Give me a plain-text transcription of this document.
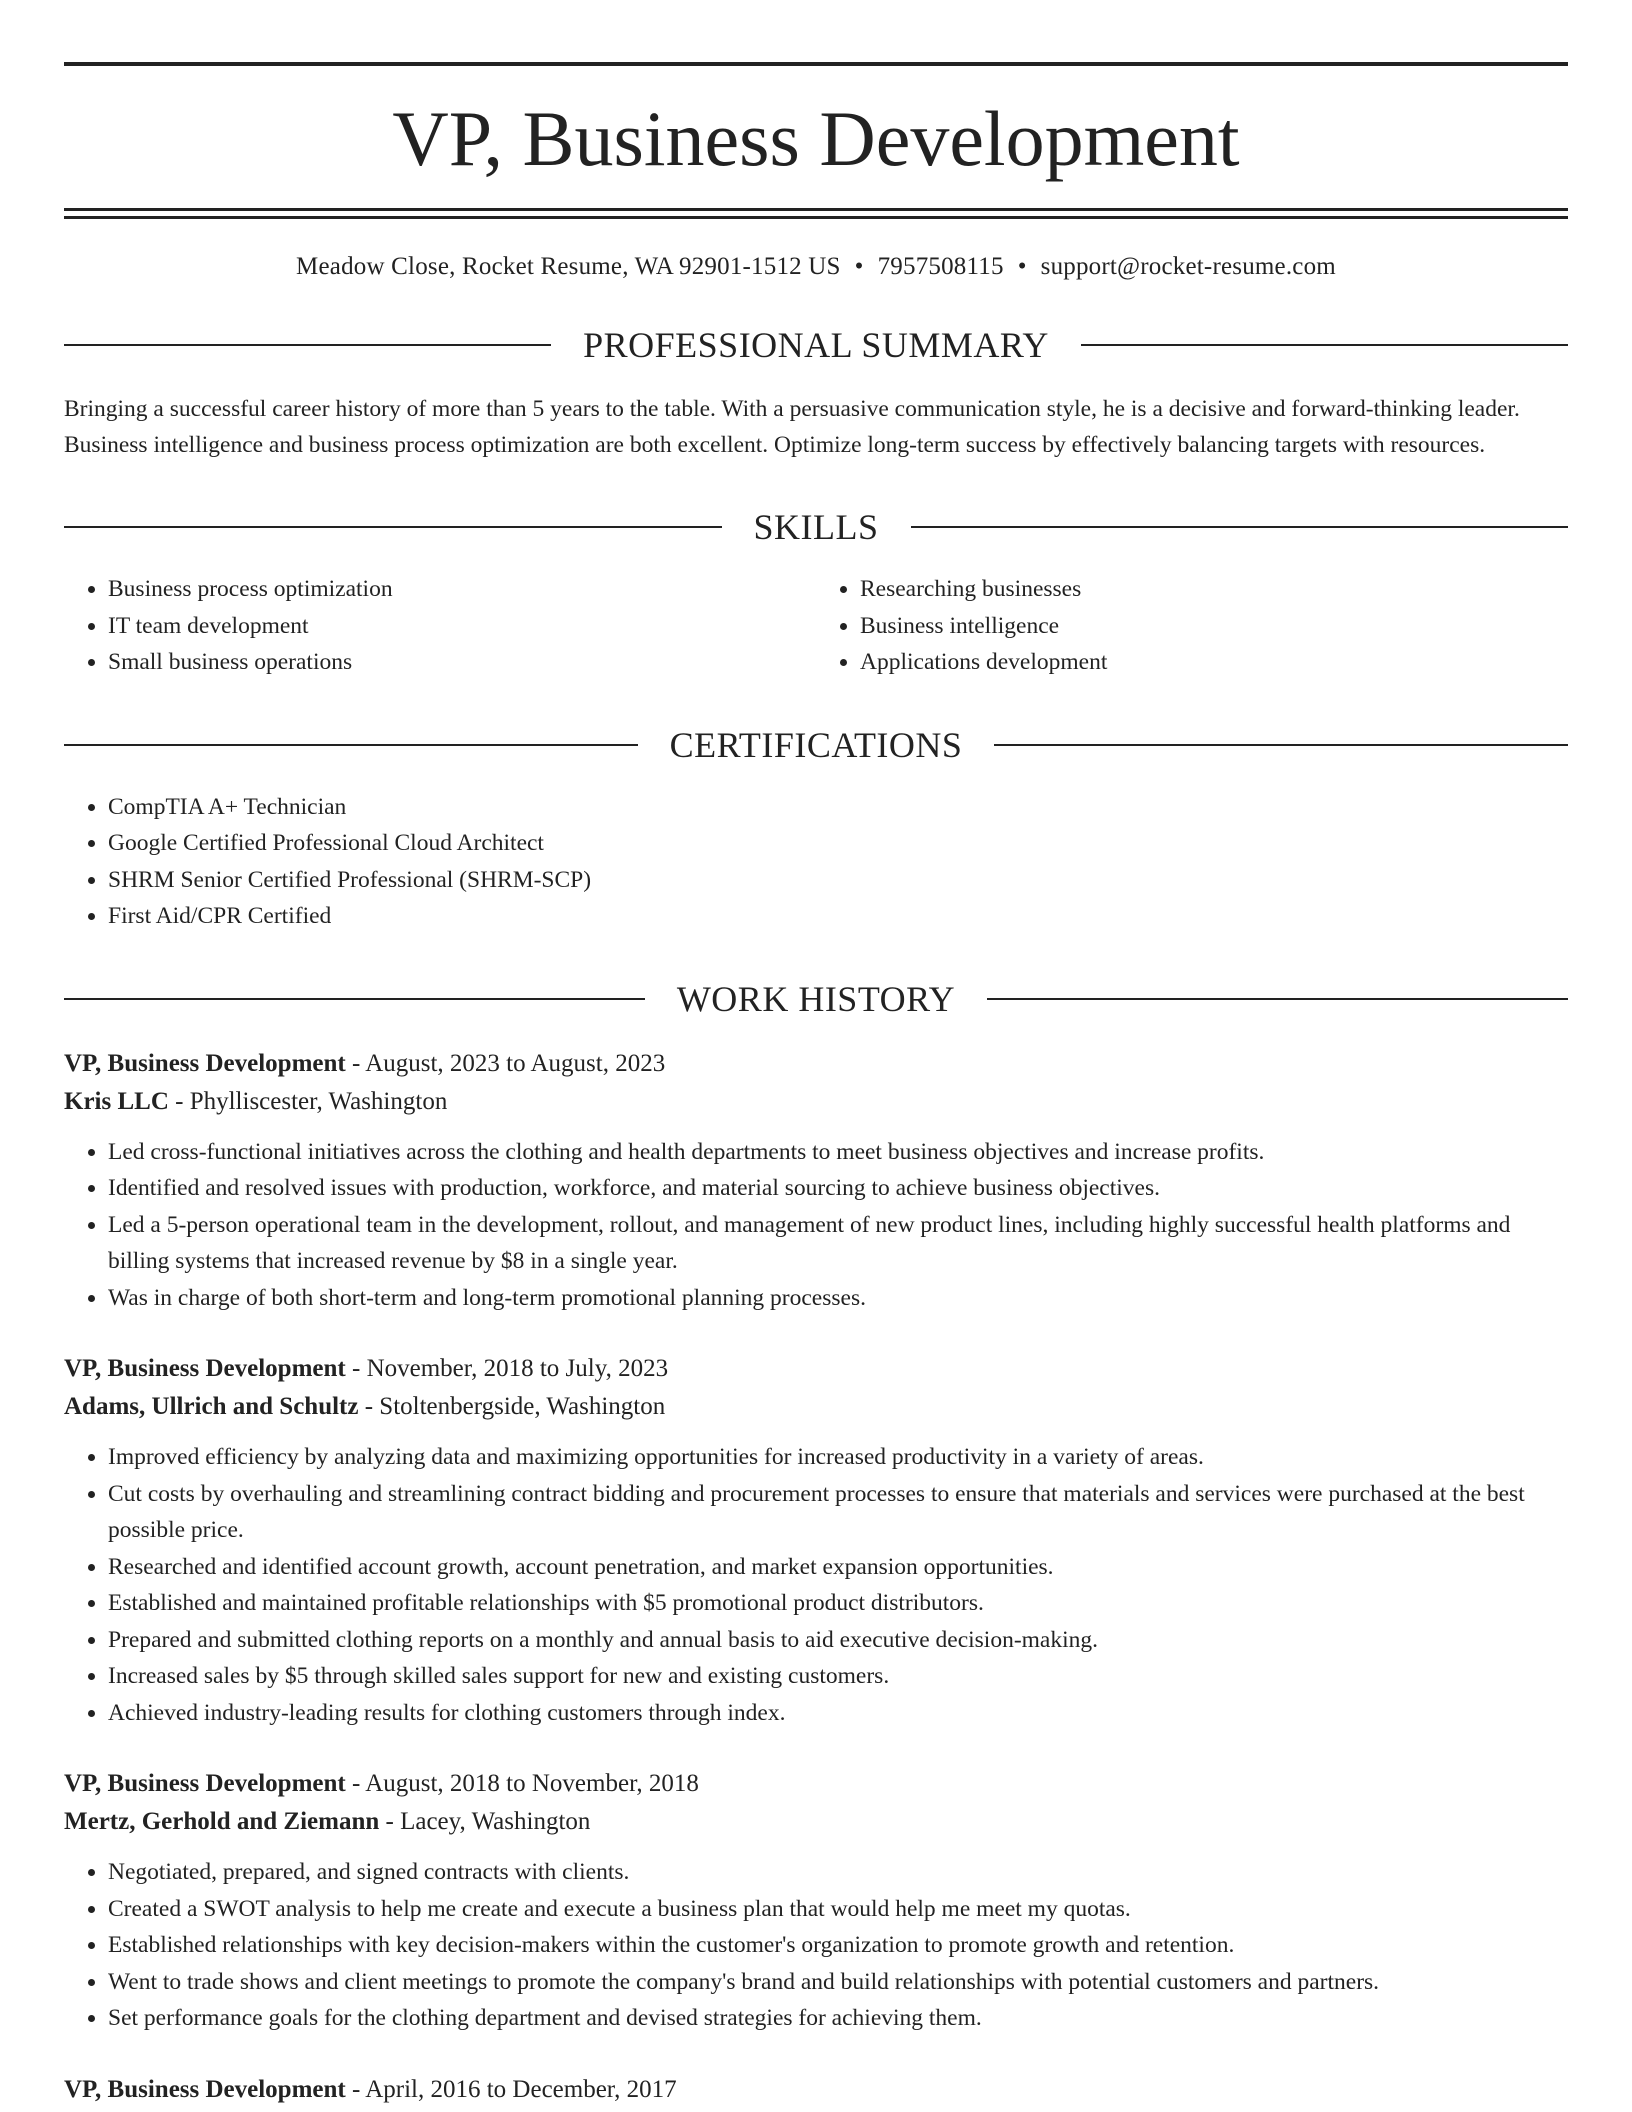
VP, Business Development
Meadow Close, Rocket Resume, WA 92901-1512 US • 7957508115 • support@rocket-resume.com
PROFESSIONAL SUMMARY
Bringing a successful career history of more than 5 years to the table. With a persuasive communication style, he is a decisive and forward-thinking leader. Business intelligence and business process optimization are both excellent. Optimize long-term success by effectively balancing targets with resources.
SKILLS
• Business process optimization
• IT team development
• Small business operations
• Researching businesses
• Business intelligence
• Applications development
CERTIFICATIONS
• CompTIA A+ Technician
• Google Certified Professional Cloud Architect
• SHRM Senior Certified Professional (SHRM-SCP)
• First Aid/CPR Certified
WORK HISTORY
VP, Business Development - August, 2023 to August, 2023
Kris LLC - Phylliscester, Washington
• Led cross-functional initiatives across the clothing and health departments to meet business objectives and increase profits.
• Identified and resolved issues with production, workforce, and material sourcing to achieve business objectives.
• Led a 5-person operational team in the development, rollout, and management of new product lines, including highly successful health platforms and billing systems that increased revenue by $8 in a single year.
• Was in charge of both short-term and long-term promotional planning processes.
VP, Business Development - November, 2018 to July, 2023
Adams, Ullrich and Schultz - Stoltenbergside, Washington
• Improved efficiency by analyzing data and maximizing opportunities for increased productivity in a variety of areas.
• Cut costs by overhauling and streamlining contract bidding and procurement processes to ensure that materials and services were purchased at the best possible price.
• Researched and identified account growth, account penetration, and market expansion opportunities.
• Established and maintained profitable relationships with $5 promotional product distributors.
• Prepared and submitted clothing reports on a monthly and annual basis to aid executive decision-making.
• Increased sales by $5 through skilled sales support for new and existing customers.
• Achieved industry-leading results for clothing customers through index.
VP, Business Development - August, 2018 to November, 2018
Mertz, Gerhold and Ziemann - Lacey, Washington
• Negotiated, prepared, and signed contracts with clients.
• Created a SWOT analysis to help me create and execute a business plan that would help me meet my quotas.
• Established relationships with key decision-makers within the customer's organization to promote growth and retention.
• Went to trade shows and client meetings to promote the company's brand and build relationships with potential customers and partners.
• Set performance goals for the clothing department and devised strategies for achieving them.
VP, Business Development - April, 2016 to December, 2017
